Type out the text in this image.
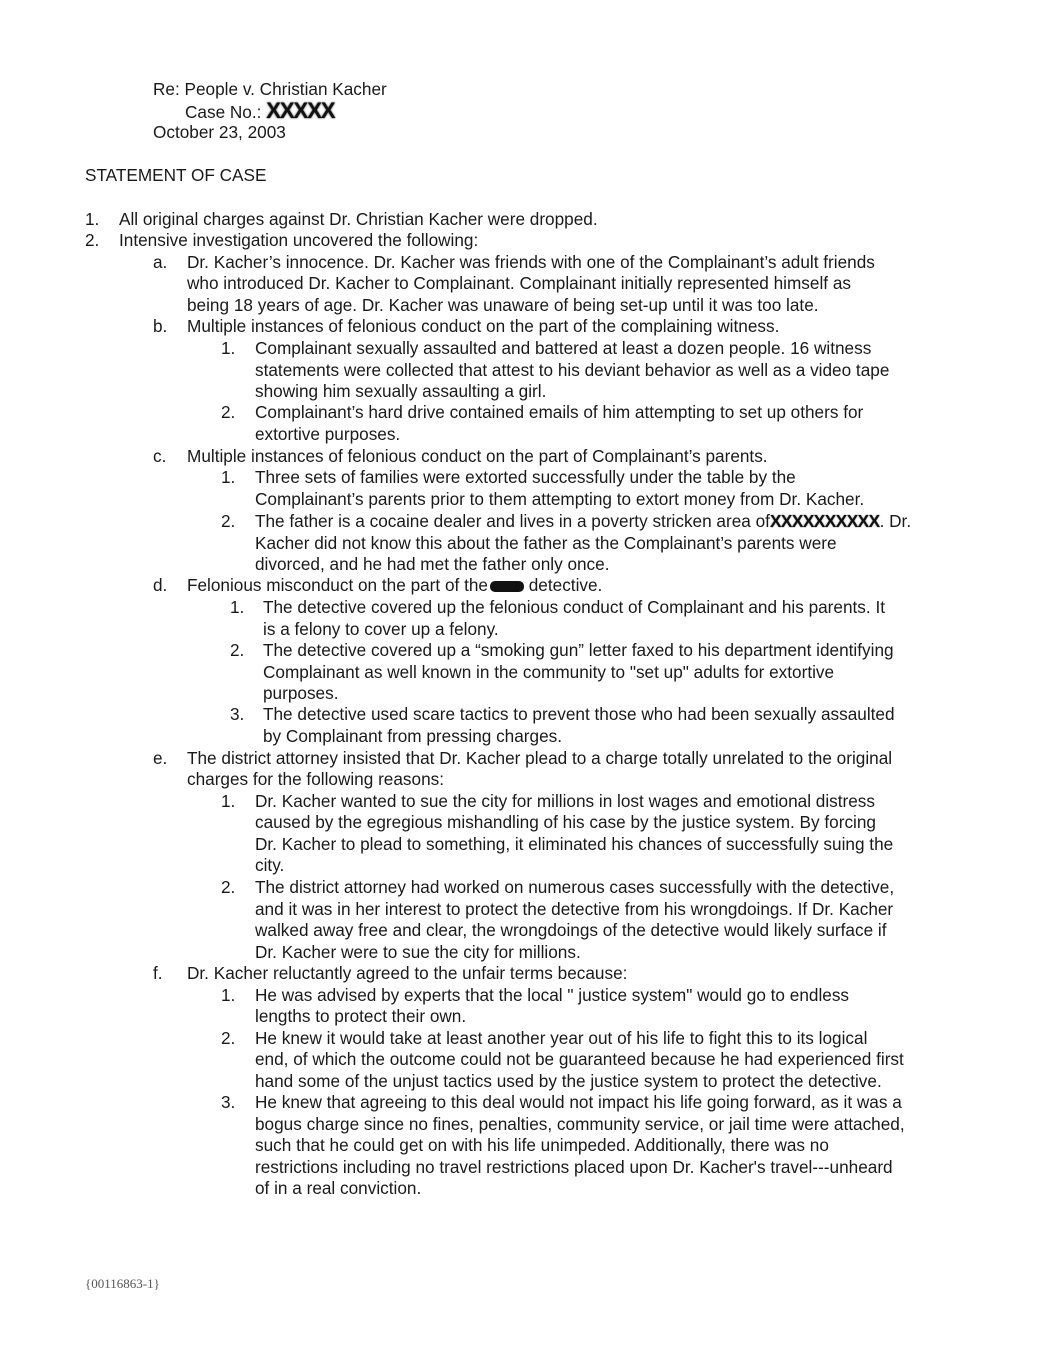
Re: People v. Christian Kacher
Case No.: XXXXX
October 23, 2003
STATEMENT OF CASE
1. All original charges against Dr. Christian Kacher were dropped.
2. Intensive investigation uncovered the following:
a. Dr. Kacher’s innocence. Dr. Kacher was friends with one of the Complainant’s adult friends
who introduced Dr. Kacher to Complainant. Complainant initially represented himself as
being 18 years of age. Dr. Kacher was unaware of being set-up until it was too late.
b. Multiple instances of felonious conduct on the part of the complaining witness.
1. Complainant sexually assaulted and battered at least a dozen people. 16 witness
statements were collected that attest to his deviant behavior as well as a video tape
showing him sexually assaulting a girl.
2. Complainant’s hard drive contained emails of him attempting to set up others for
extortive purposes.
c. Multiple instances of felonious conduct on the part of Complainant’s parents.
1. Three sets of families were extorted successfully under the table by the
Complainant’s parents prior to them attempting to extort money from Dr. Kacher.
2. The father is a cocaine dealer and lives in a poverty stricken area ofXXXXXXXXXX. Dr.
Kacher did not know this about the father as the Complainant’s parents were
divorced, and he had met the father only once.
d. Felonious misconduct on the part of the detective.
1. The detective covered up the felonious conduct of Complainant and his parents. It
is a felony to cover up a felony.
2. The detective covered up a “smoking gun” letter faxed to his department identifying
Complainant as well known in the community to "set up" adults for extortive
purposes.
3. The detective used scare tactics to prevent those who had been sexually assaulted
by Complainant from pressing charges.
e. The district attorney insisted that Dr. Kacher plead to a charge totally unrelated to the original
charges for the following reasons:
1. Dr. Kacher wanted to sue the city for millions in lost wages and emotional distress
caused by the egregious mishandling of his case by the justice system. By forcing
Dr. Kacher to plead to something, it eliminated his chances of successfully suing the
city.
2. The district attorney had worked on numerous cases successfully with the detective,
and it was in her interest to protect the detective from his wrongdoings. If Dr. Kacher
walked away free and clear, the wrongdoings of the detective would likely surface if
Dr. Kacher were to sue the city for millions.
f. Dr. Kacher reluctantly agreed to the unfair terms because:
1. He was advised by experts that the local " justice system" would go to endless
lengths to protect their own.
2. He knew it would take at least another year out of his life to fight this to its logical
end, of which the outcome could not be guaranteed because he had experienced first
hand some of the unjust tactics used by the justice system to protect the detective.
3. He knew that agreeing to this deal would not impact his life going forward, as it was a
bogus charge since no fines, penalties, community service, or jail time were attached,
such that he could get on with his life unimpeded. Additionally, there was no
restrictions including no travel restrictions placed upon Dr. Kacher's travel---unheard
of in a real conviction.
{00116863-1}
